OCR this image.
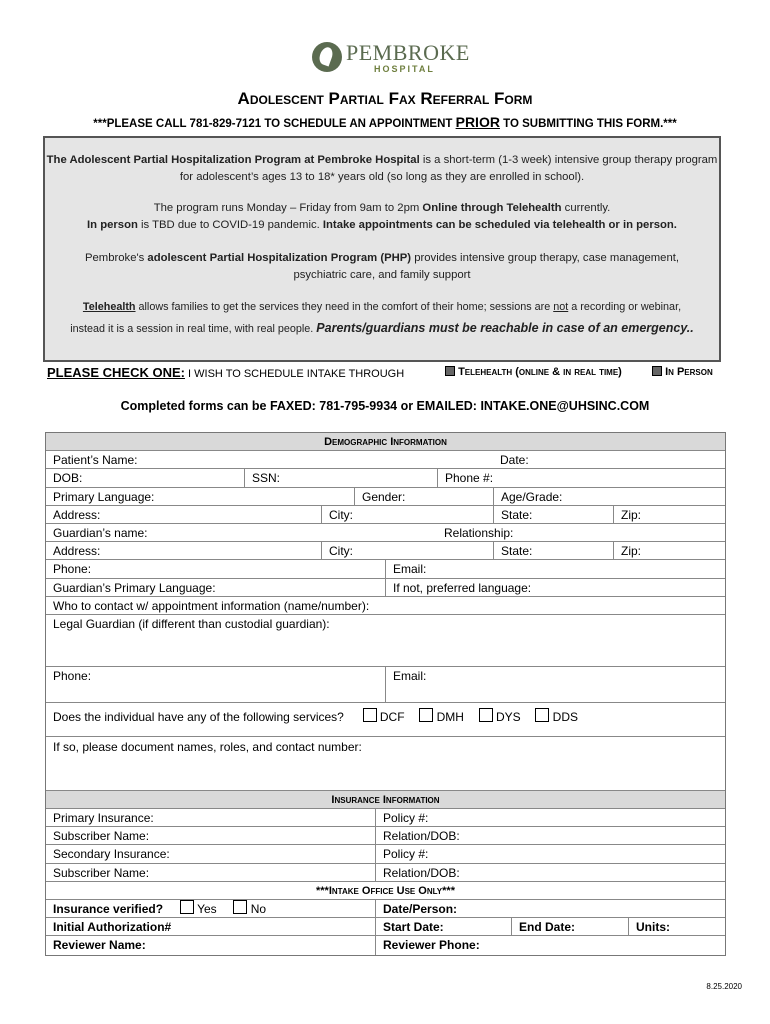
PEMBROKE
HOSPITAL
Adolescent Partial Fax Referral Form
***PLEASE CALL 781-829-7121 TO SCHEDULE AN APPOINTMENT PRIOR TO SUBMITTING THIS FORM.***
The Adolescent Partial Hospitalization Program at Pembroke Hospital is a short-term (1-3 week) intensive group therapy program for adolescent’s ages 13 to 18* years old (so long as they are enrolled in school).
The program runs Monday – Friday from 9am to 2pm Online through Telehealth currently.
In person is TBD due to COVID-19 pandemic. Intake appointments can be scheduled via telehealth or in person.
Pembroke's adolescent Partial Hospitalization Program (PHP) provides intensive group therapy, case management, psychiatric care, and family support
Telehealth allows families to get the services they need in the comfort of their home; sessions are not a recording or webinar,
instead it is a session in real time, with real people. Parents/guardians must be reachable in case of an emergency..
PLEASE CHECK ONE: I WISH TO SCHEDULE INTAKE THROUGH	Telehealth (online & in real time)	In Person
Completed forms can be FAXED: 781-795-9934 or EMAILED: INTAKE.ONE@UHSINC.COM
Demographic Information
Patient’s Name:	Date:
DOB:	SSN:	Phone #:
Primary Language:	Gender:	Age/Grade:
Address:	City:	State:	Zip:
Guardian’s name:	Relationship:
Address:	City:	State:	Zip:
Phone:	Email:
Guardian’s Primary Language:	If not, preferred language:
Who to contact w/ appointment information (name/number):
Legal Guardian (if different than custodial guardian):
Phone:	Email:
Does the individual have any of the following services?	DCF	DMH	DYS	DDS
If so, please document names, roles, and contact number:
Insurance Information
Primary Insurance:	Policy #:
Subscriber Name:	Relation/DOB:
Secondary Insurance:	Policy #:
Subscriber Name:	Relation/DOB:
***Intake Office Use Only***
Insurance verified?	Yes	No	Date/Person:
Initial Authorization#	Start Date:	End Date:	Units:
Reviewer Name:	Reviewer Phone:
8.25.2020
